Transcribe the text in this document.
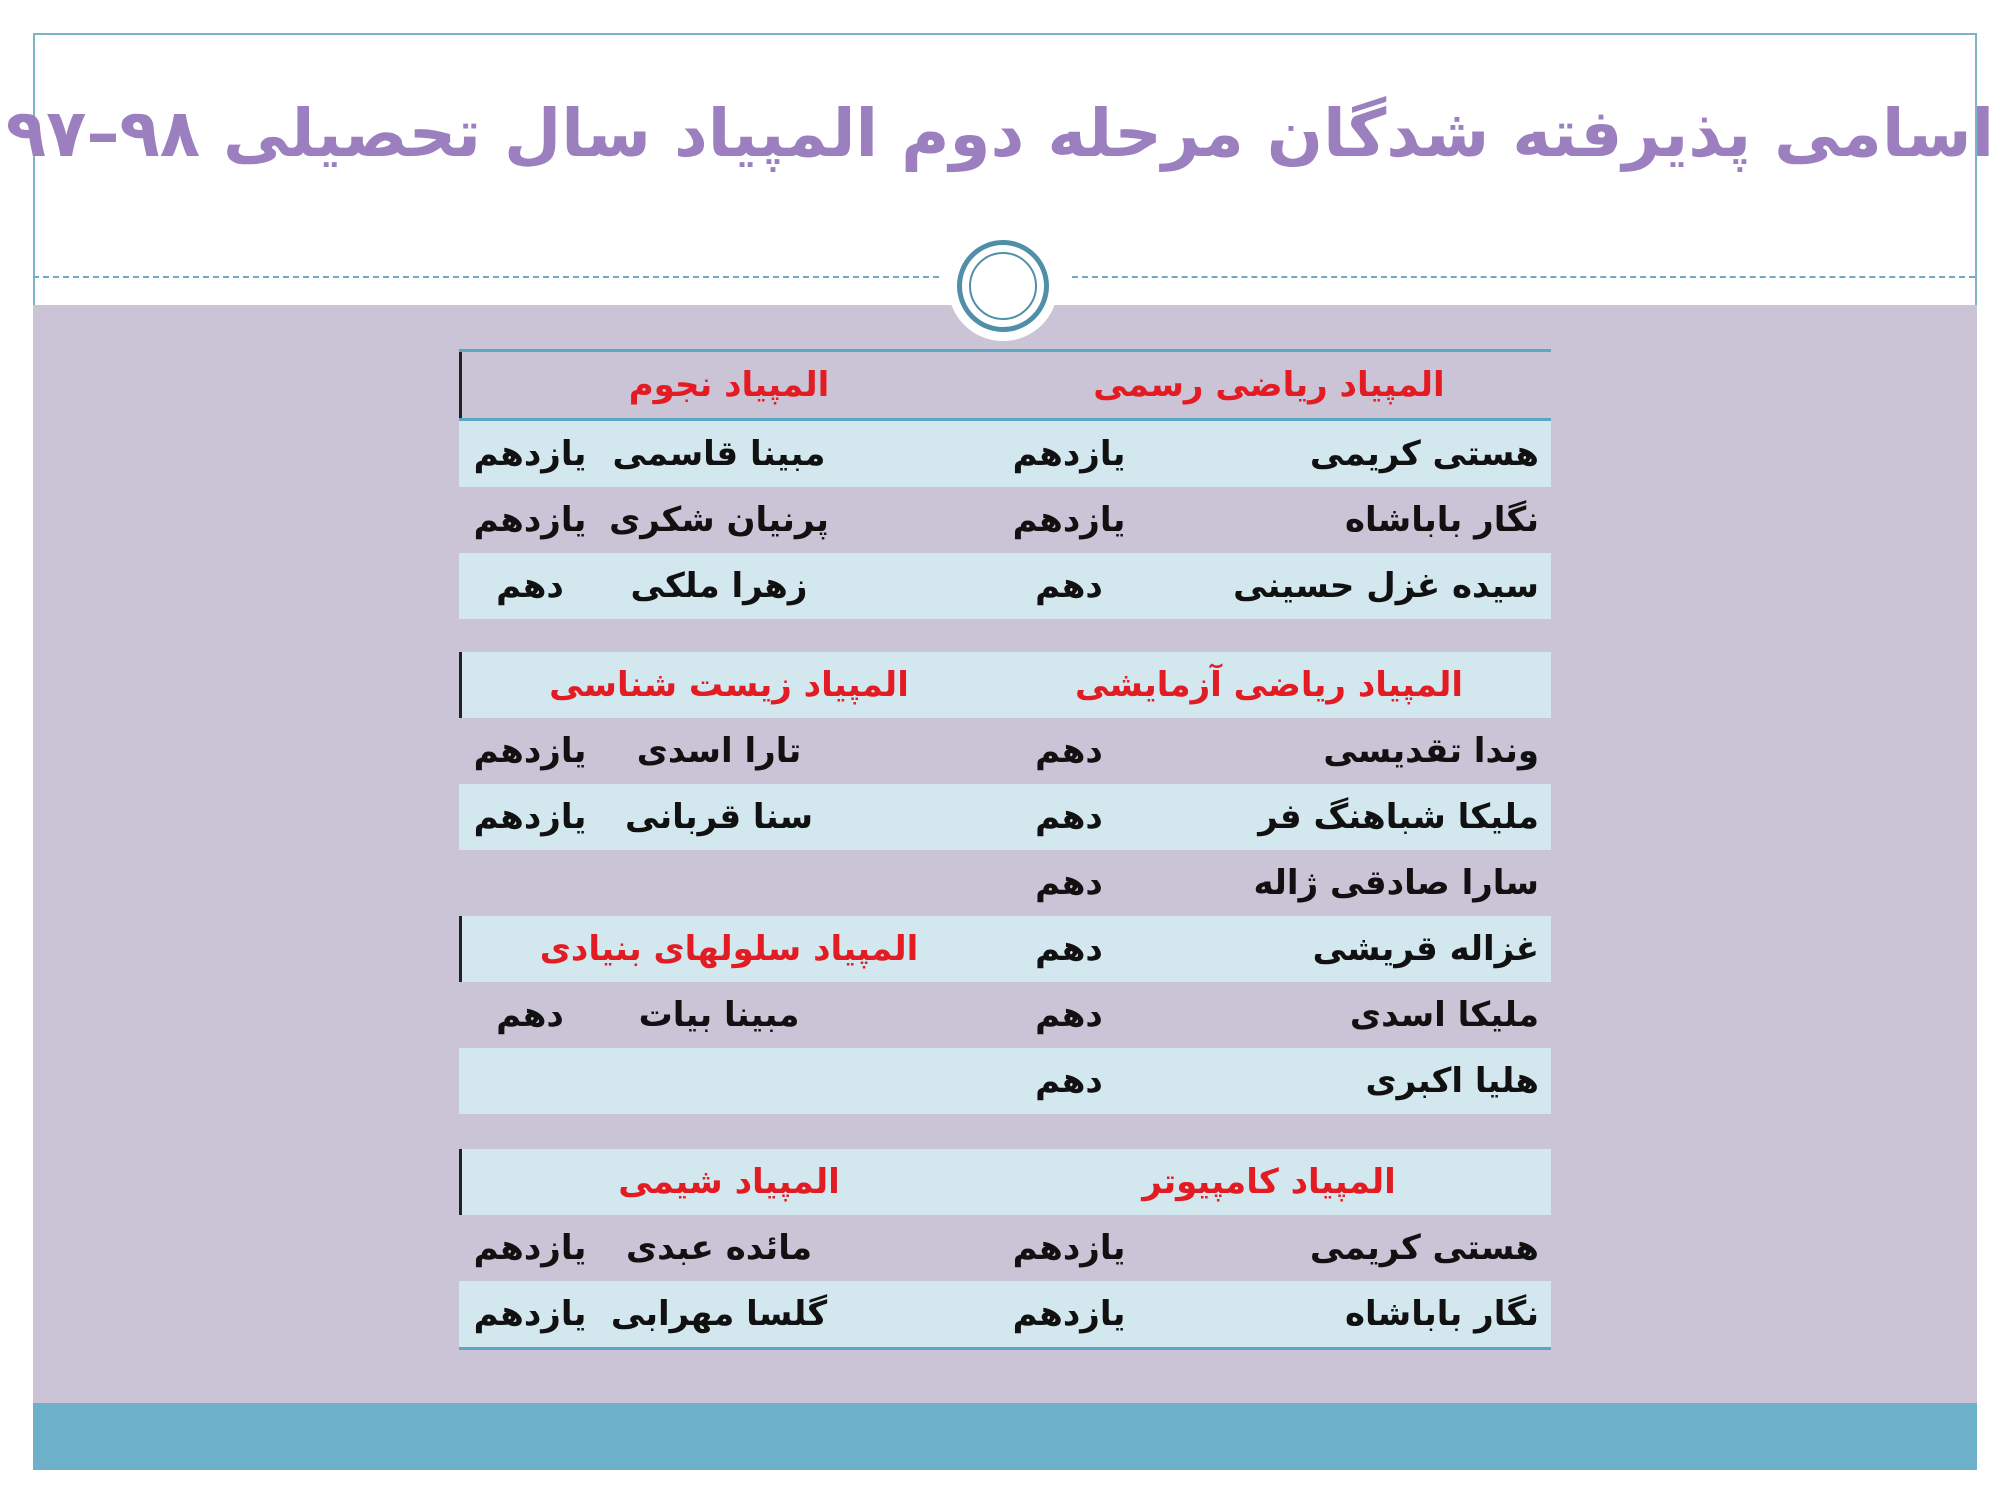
اسامی پذیرفته شدگان مرحله دوم المپیاد سال تحصیلی ۹۸–۹۷
المپیاد ریاضی رسمی
المپیاد نجوم
هستی کریمی
یازدهم
مبینا قاسمی
یازدهم
نگار باباشاه
یازدهم
پرنیان شکری
یازدهم
سیده غزل حسینی
دهم
زهرا ملکی
دهم
المپیاد ریاضی آزمایشی
المپیاد زیست شناسی
وندا تقدیسی
دهم
تارا اسدی
یازدهم
ملیکا شباهنگ فر
دهم
سنا قربانی
یازدهم
سارا صادقی ژاله
دهم
غزاله قریشی
دهم
المپیاد سلولهای بنیادی
ملیکا اسدی
دهم
مبینا بیات
دهم
هلیا اکبری
دهم
المپیاد کامپیوتر
المپیاد شیمی
هستی کریمی
یازدهم
مائده عبدی
یازدهم
نگار باباشاه
یازدهم
گلسا مهرابی
یازدهم
